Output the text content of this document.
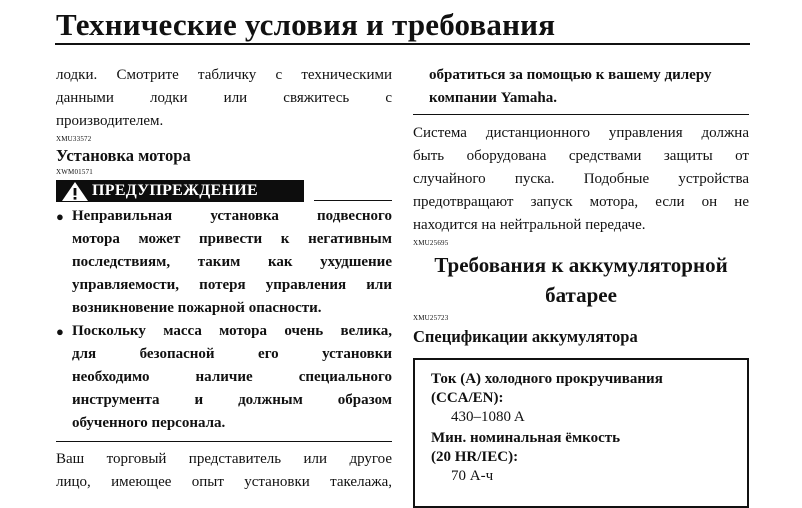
Технические условия и требования
лодки. Смотрите табличку с техническими
данными лодки или свяжитесь с
производителем.
XMU33572
Установка мотора
XWM01571
ПРЕДУПРЕЖДЕНИЕ
● Неправильная установка подвесного
мотора может привести к негативным
последствиям, таким как ухудшение
управляемости, потеря управления или
возникновение пожарной опасности.
● Поскольку масса мотора очень велика,
для безопасной его установки
необходимо наличие специального
инструмента и должным образом
обученного персонала.
Ваш торговый представитель или другое
лицо, имеющее опыт установки такелажа,
обратиться за помощью к вашему дилеру
компании Yamaha.
Система дистанционного управления должна
быть оборудована средствами защиты от
случайного пуска. Подобные устройства
предотвращают запуск мотора, если он не
находится на нейтральной передаче.
XMU25695
Требования к аккумуляторной
батарее
XMU25723
Спецификации аккумулятора
Ток (A) холодного прокручивания
(CCA/EN):
430–1080 A
Мин. номинальная ёмкость
(20 HR/IEC):
70 А-ч
